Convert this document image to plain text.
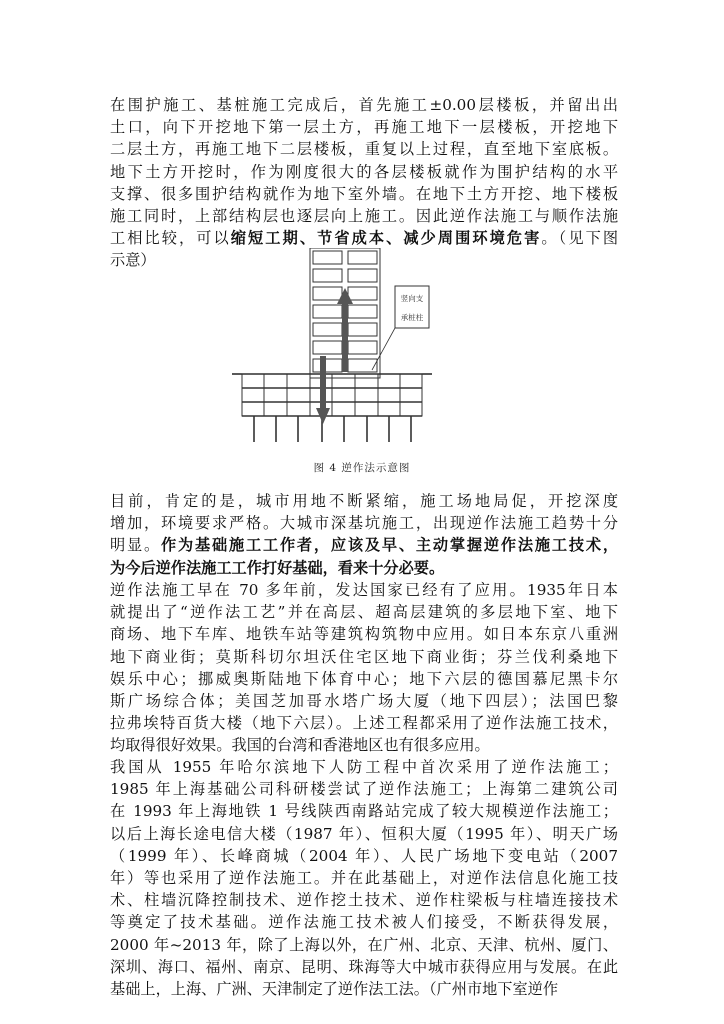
在围护施工、基桩施工完成后，首先施工±0.00层楼板，并留出出
土口，向下开挖地下第一层土方，再施工地下一层楼板，开挖地下
二层土方，再施工地下二层楼板，重复以上过程，直至地下室底板。
地下土方开挖时，作为刚度很大的各层楼板就作为围护结构的水平
支撑、很多围护结构就作为地下室外墙。在地下土方开挖、地下楼板
施工同时，上部结构层也逐层向上施工。因此逆作法施工与顺作法施
工相比较，可以缩短工期、节省成本、减少周围环境危害。（见下图
示意）
竖向支
承桩柱
图 4 逆作法示意图
目前，肯定的是，城市用地不断紧缩，施工场地局促，开挖深度
增加，环境要求严格。大城市深基坑施工，出现逆作法施工趋势十分
明显。作为基础施工工作者，应该及早、主动掌握逆作法施工技术，
为今后逆作法施工工作打好基础，看来十分必要。
逆作法施工早在 70 多年前，发达国家已经有了应用。1935年日本
就提出了“逆作法工艺”并在高层、超高层建筑的多层地下室、地下
商场、地下车库、地铁车站等建筑构筑物中应用。如日本东京八重洲
地下商业街；莫斯科切尔坦沃住宅区地下商业街；芬兰伐利桑地下
娱乐中心；挪威奥斯陆地下体育中心；地下六层的德国慕尼黑卡尔
斯广场综合体；美国芝加哥水塔广场大厦（地下四层）；法国巴黎
拉弗埃特百货大楼（地下六层）。上述工程都采用了逆作法施工技术，
均取得很好效果。我国的台湾和香港地区也有很多应用。
我国从 1955 年哈尔滨地下人防工程中首次采用了逆作法施工；
1985 年上海基础公司科研楼尝试了逆作法施工；上海第二建筑公司
在 1993 年上海地铁 1 号线陕西南路站完成了较大规模逆作法施工；
以后上海长途电信大楼（1987 年）、恒积大厦（1995 年）、明天广场
（1999 年）、长峰商城（2004 年）、人民广场地下变电站（2007
年）等也采用了逆作法施工。并在此基础上，对逆作法信息化施工技
术、柱墙沉降控制技术、逆作挖土技术、逆作柱梁板与柱墙连接技术
等奠定了技术基础。逆作法施工技术被人们接受，不断获得发展，
2000 年~2013 年，除了上海以外，在广州、北京、天津、杭州、厦门、
深圳、海口、福州、南京、昆明、珠海等大中城市获得应用与发展。在此
基础上，上海、广洲、天津制定了逆作法工法。（广州市地下室逆作
